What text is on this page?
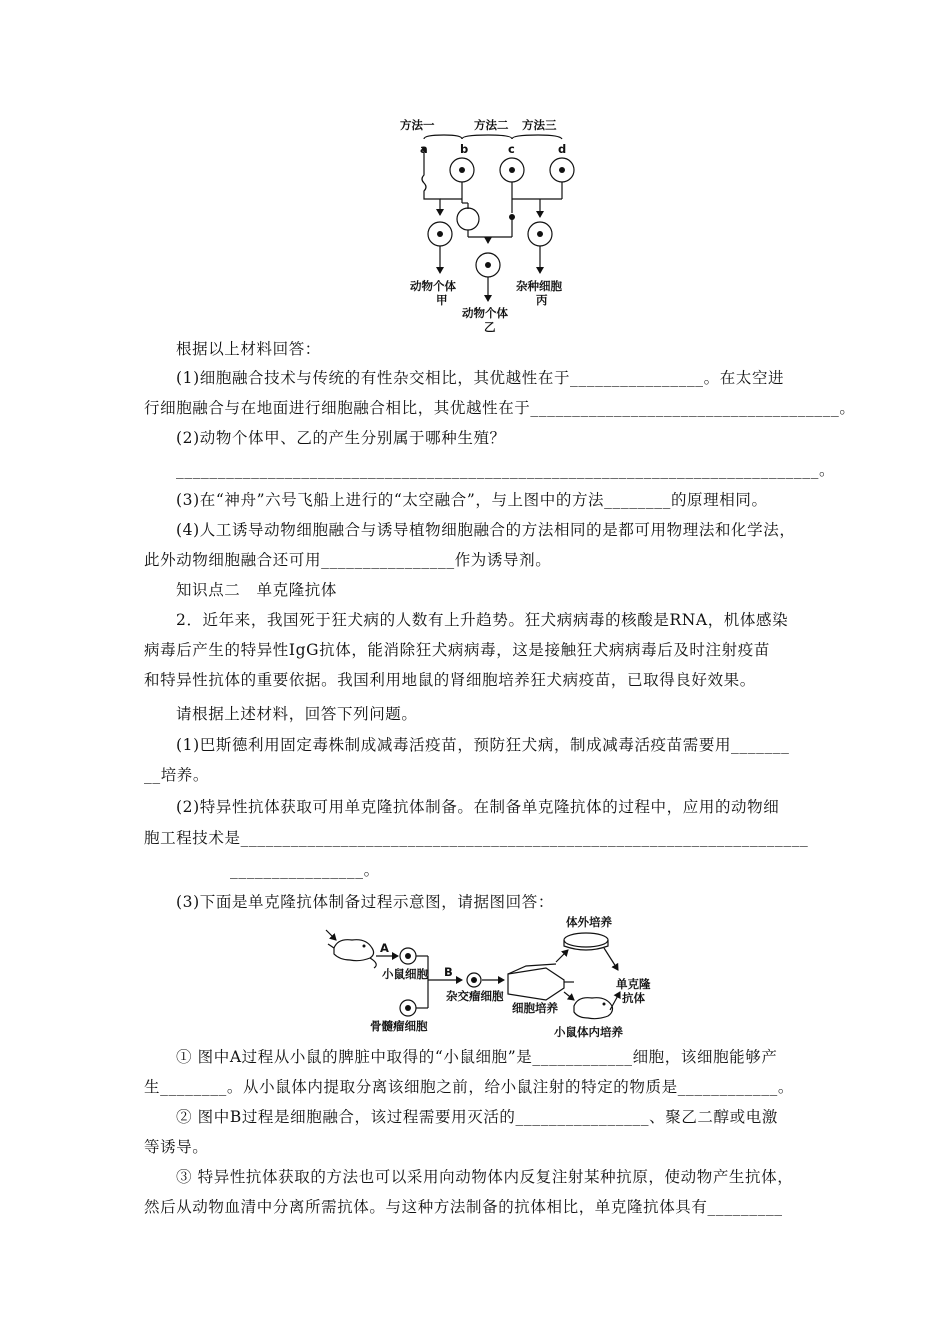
方法一	方法二 方法三
a	b	c	d
动物个体
甲
动物个体
乙
杂种细胞
丙
根据以上材料回答：
(1)细胞融合技术与传统的有性杂交相比，其优越性在于________________。在太空进
行细胞融合与在地面进行细胞融合相比，其优越性在于_____________________________________。
(2)动物个体甲、乙的产生分别属于哪种生殖？
_____________________________________________________________________________。
(3)在“神舟”六号飞船上进行的“太空融合”，与上图中的方法________的原理相同。
(4)人工诱导动物细胞融合与诱导植物细胞融合的方法相同的是都可用物理法和化学法，
此外动物细胞融合还可用________________作为诱导剂。
知识点二　单克隆抗体
2．近年来，我国死于狂犬病的人数有上升趋势。狂犬病病毒的核酸是RNA，机体感染
病毒后产生的特异性IgG抗体，能消除狂犬病病毒，这是接触狂犬病病毒后及时注射疫苗
和特异性抗体的重要依据。我国利用地鼠的肾细胞培养狂犬病疫苗，已取得良好效果。
请根据上述材料，回答下列问题。
(1)巴斯德利用固定毒株制成减毒活疫苗，预防狂犬病，制成减毒活疫苗需要用_______
__培养。
(2)特异性抗体获取可用单克隆抗体制备。在制备单克隆抗体的过程中，应用的动物细
胞工程技术是____________________________________________________________________
________________。
(3)下面是单克隆抗体制备过程示意图，请据图回答：
A
B
小鼠细胞
骨髓瘤细胞
杂交瘤细胞
细胞培养
体外培养
小鼠体内培养
单克隆
抗体
① 图中A过程从小鼠的脾脏中取得的“小鼠细胞”是____________细胞，该细胞能够产
生________。从小鼠体内提取分离该细胞之前，给小鼠注射的特定的物质是____________。
② 图中B过程是细胞融合，该过程需要用灭活的________________、聚乙二醇或电激
等诱导。
③ 特异性抗体获取的方法也可以采用向动物体内反复注射某种抗原，使动物产生抗体，
然后从动物血清中分离所需抗体。与这种方法制备的抗体相比，单克隆抗体具有_________
